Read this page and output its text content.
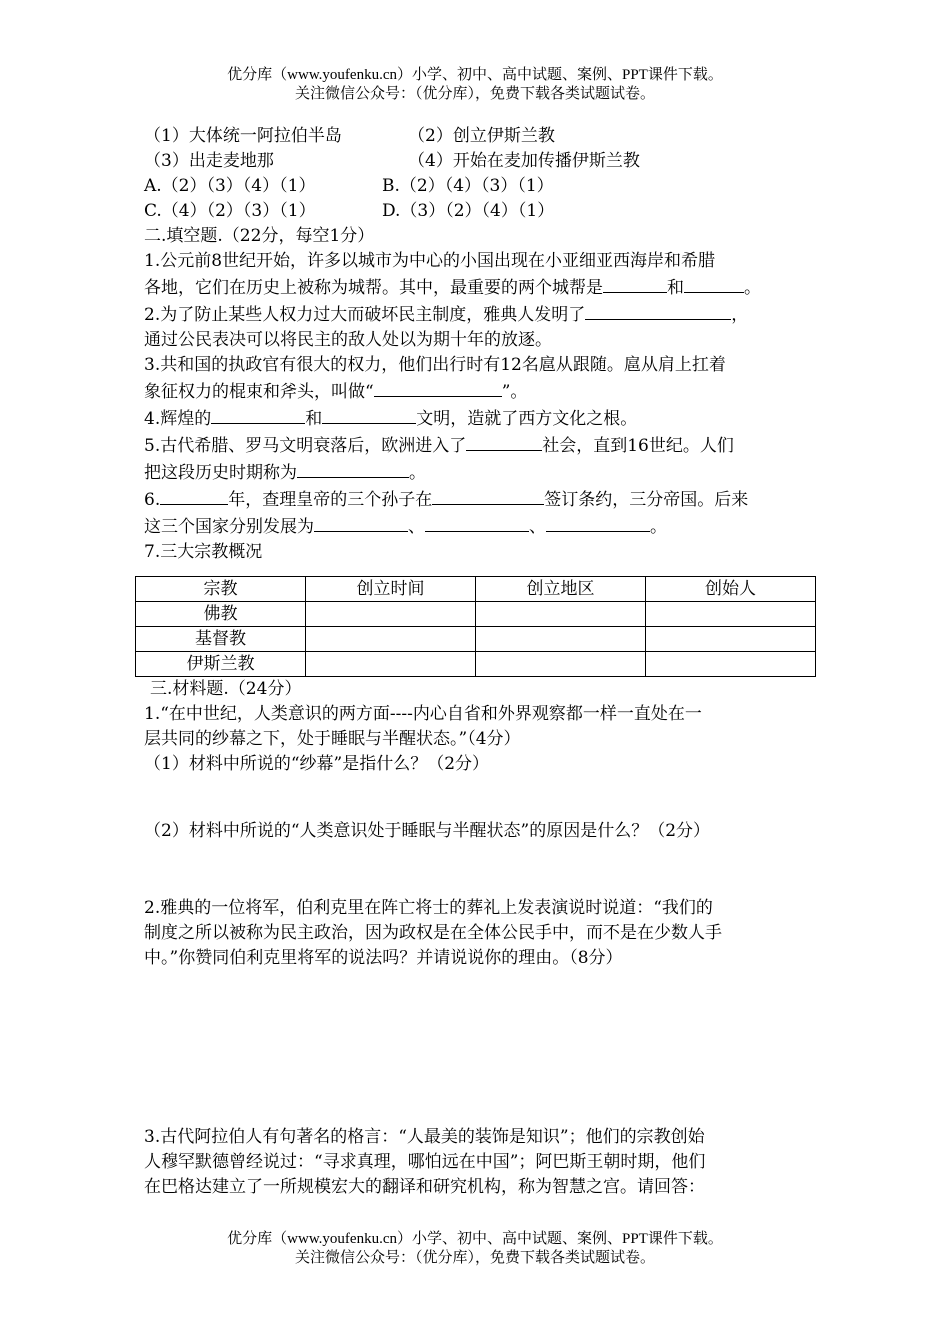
优分库（www.youfenku.cn）小学、初中、高中试题、案例、PPT课件下载。
关注微信公众号：（优分库），免费下载各类试题试卷。
（1）大体统一阿拉伯半岛	（2）创立伊斯兰教
（3）出走麦地那	（4）开始在麦加传播伊斯兰教
A.（2）（3）（4）（1）	B.（2）（4）（3）（1）
C.（4）（2）（3）（1）	D.（3）（2）（4）（1）
二.填空题.（22分，每空1分）
1.公元前8世纪开始，许多以城市为中心的小国出现在小亚细亚西海岸和希腊
各地，它们在历史上被称为城帮。其中，最重要的两个城帮是	和	。
2.为了防止某些人权力过大而破坏民主制度，雅典人发明了	，
通过公民表决可以将民主的敌人处以为期十年的放逐。
3.共和国的执政官有很大的权力，他们出行时有12名扈从跟随。扈从肩上扛着
象征权力的棍束和斧头，叫做“	”。
4.辉煌的	和	文明，造就了西方文化之根。
5.古代希腊、罗马文明衰落后，欧洲进入了	社会，直到16世纪。人们
把这段历史时期称为	。
6.	年，查理皇帝的三个孙子在	签订条约，三分帝国。后来
这三个国家分别发展为	、	、	。
7.三大宗教概况
宗教	创立时间	创立地区	创始人
佛教			
基督教			
伊斯兰教			
三.材料题.（24分）
1.“在中世纪，人类意识的两方面----内心自省和外界观察都一样一直处在一
层共同的纱幕之下，处于睡眠与半醒状态。”（4分）
（1）材料中所说的“纱幕”是指什么？（2分）
（2）材料中所说的“人类意识处于睡眠与半醒状态”的原因是什么？（2分）
2.雅典的一位将军，伯利克里在阵亡将士的葬礼上发表演说时说道：“我们的
制度之所以被称为民主政治，因为政权是在全体公民手中，而不是在少数人手
中。”你赞同伯利克里将军的说法吗？并请说说你的理由。（8分）
3.古代阿拉伯人有句著名的格言：“人最美的装饰是知识”；他们的宗教创始
人穆罕默德曾经说过：“寻求真理，哪怕远在中国”；阿巴斯王朝时期，他们
在巴格达建立了一所规模宏大的翻译和研究机构，称为智慧之宫。请回答：
优分库（www.youfenku.cn）小学、初中、高中试题、案例、PPT课件下载。
关注微信公众号：（优分库），免费下载各类试题试卷。
